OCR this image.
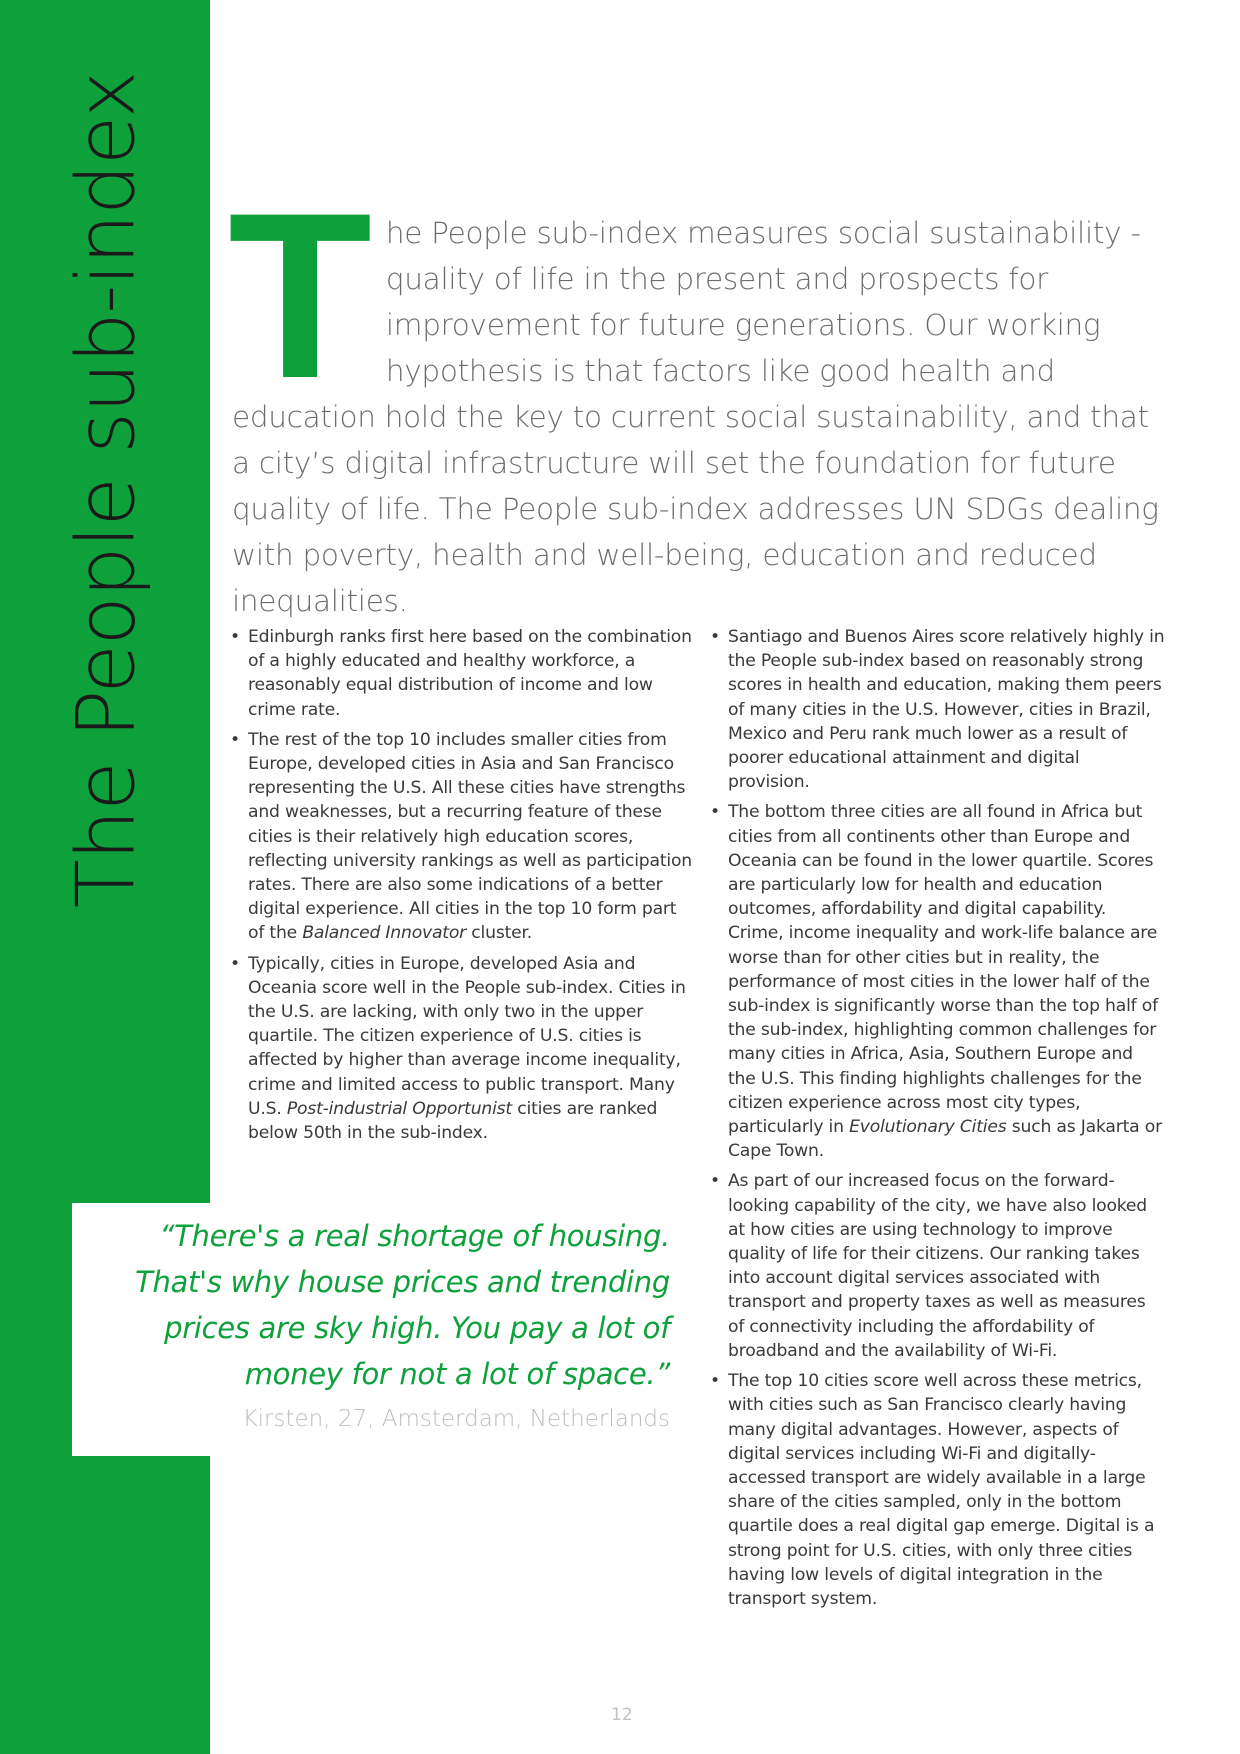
The People sub-index T he People sub-index measures social sustainability - quality of life in the present and prospects for improvement for future generations. Our working hypothesis is that factors like good health and education hold the key to current social sustainability, and that a city’s digital infrastructure will set the foundation for future quality of life. The People sub-index addresses UN SDGs dealing with poverty, health and well-being, education and reduced inequalities.
• Edinburgh ranks first here based on the combination of a highly educated and healthy workforce, a reasonably equal distribution of income and low crime rate.
• The rest of the top 10 includes smaller cities from Europe, developed cities in Asia and San Francisco representing the U.S. All these cities have strengths and weaknesses, but a recurring feature of these cities is their relatively high education scores, reflecting university rankings as well as participation rates. There are also some indications of a better digital experience. All cities in the top 10 form part of the Balanced Innovator cluster.
• Typically, cities in Europe, developed Asia and Oceania score well in the People sub-index. Cities in the U.S. are lacking, with only two in the upper quartile. The citizen experience of U.S. cities is affected by higher than average income inequality, crime and limited access to public transport. Many U.S. Post-industrial Opportunist cities are ranked below 50th in the sub-index.
• Santiago and Buenos Aires score relatively highly in the People sub-index based on reasonably strong scores in health and education, making them peers of many cities in the U.S. However, cities in Brazil, Mexico and Peru rank much lower as a result of poorer educational attainment and digital provision.
• The bottom three cities are all found in Africa but cities from all continents other than Europe and Oceania can be found in the lower quartile. Scores are particularly low for health and education outcomes, affordability and digital capability. Crime, income inequality and work-life balance are worse than for other cities but in reality, the performance of most cities in the lower half of the sub-index is significantly worse than the top half of the sub-index, highlighting common challenges for many cities in Africa, Asia, Southern Europe and the U.S. This finding highlights challenges for the citizen experience across most city types, particularly in Evolutionary Cities such as Jakarta or Cape Town.
• As part of our increased focus on the forward-looking capability of the city, we have also looked at how cities are using technology to improve quality of life for their citizens. Our ranking takes into account digital services associated with transport and property taxes as well as measures of connectivity including the affordability of broadband and the availability of Wi-Fi.
• The top 10 cities score well across these metrics, with cities such as San Francisco clearly having many digital advantages. However, aspects of digital services including Wi-Fi and digitally-accessed transport are widely available in a large share of the cities sampled, only in the bottom quartile does a real digital gap emerge. Digital is a strong point for U.S. cities, with only three cities having low levels of digital integration in the transport system.
“There's a real shortage of housing. That's why house prices and trending prices are sky high. You pay a lot of money for not a lot of space.”
Kirsten, 27, Amsterdam, Netherlands
12
